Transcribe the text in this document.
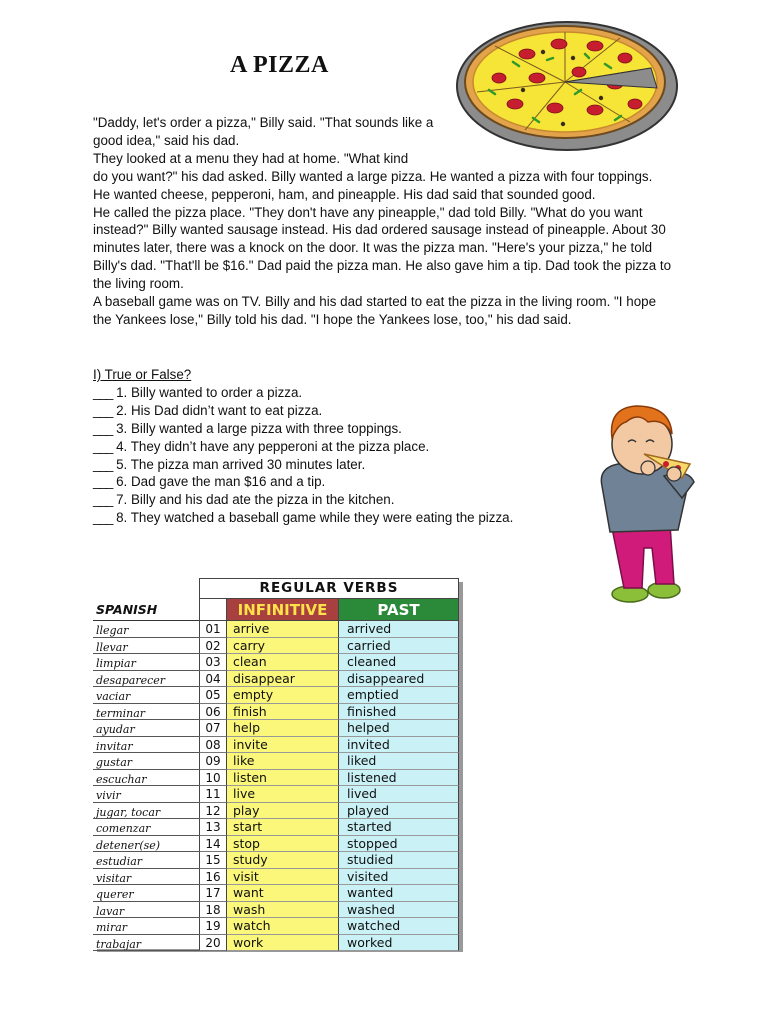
A PIZZA

"Daddy, let's order a pizza," Billy said. "That sounds like a good idea," said his dad.

They looked at a menu they had at home. "What kind

do you want?" his dad asked. Billy wanted a large pizza. He wanted a pizza with four toppings. He wanted cheese, pepperoni, ham, and pineapple. His dad said that sounded good.

He called the pizza place. "They don't have any pineapple," dad told Billy. "What do you want instead?" Billy wanted sausage instead. His dad ordered sausage instead of pineapple. About 30 minutes later, there was a knock on the door. It was the pizza man. "Here's your pizza," he told Billy's dad. "That'll be $16." Dad paid the pizza man. He also gave him a tip. Dad took the pizza to the living room.

A baseball game was on TV. Billy and his dad started to eat the pizza in the living room. "I hope the Yankees lose," Billy told his dad. "I hope the Yankees lose, too," his dad said.

I) True or False?
___ 1. Billy wanted to order a pizza.
___ 2. His Dad didn’t want to eat pizza.
___ 3. Billy wanted a large pizza with three toppings.
___ 4. They didn’t have any pepperoni at the pizza place.
___ 5. The pizza man arrived 30 minutes later.
___ 6. Dad gave the man $16 and a tip.
___ 7. Billy and his dad ate the pizza in the kitchen.
___ 8. They watched a baseball game while they were eating the pizza.
REGULAR VERBS
SPANISH	INFINITIVE	PAST
llegar	01 arrive	arrived
llevar	02 carry	carried
limpiar	03 clean	cleaned
desaparecer	04 disappear	disappeared
vaciar	05 empty	emptied
terminar	06 finish	finished
ayudar	07 help	helped
invitar	08 invite	invited
gustar	09 like	liked
escuchar	10 listen	listened
vivir	11 live	lived
jugar, tocar	12 play	played
comenzar	13 start	started
detener(se)	14 stop	stopped
estudiar	15 study	studied
visitar	16 visit	visited
querer	17 want	wanted
lavar	18 wash	washed
mirar	19 watch	watched
trabajar	20 work	worked
